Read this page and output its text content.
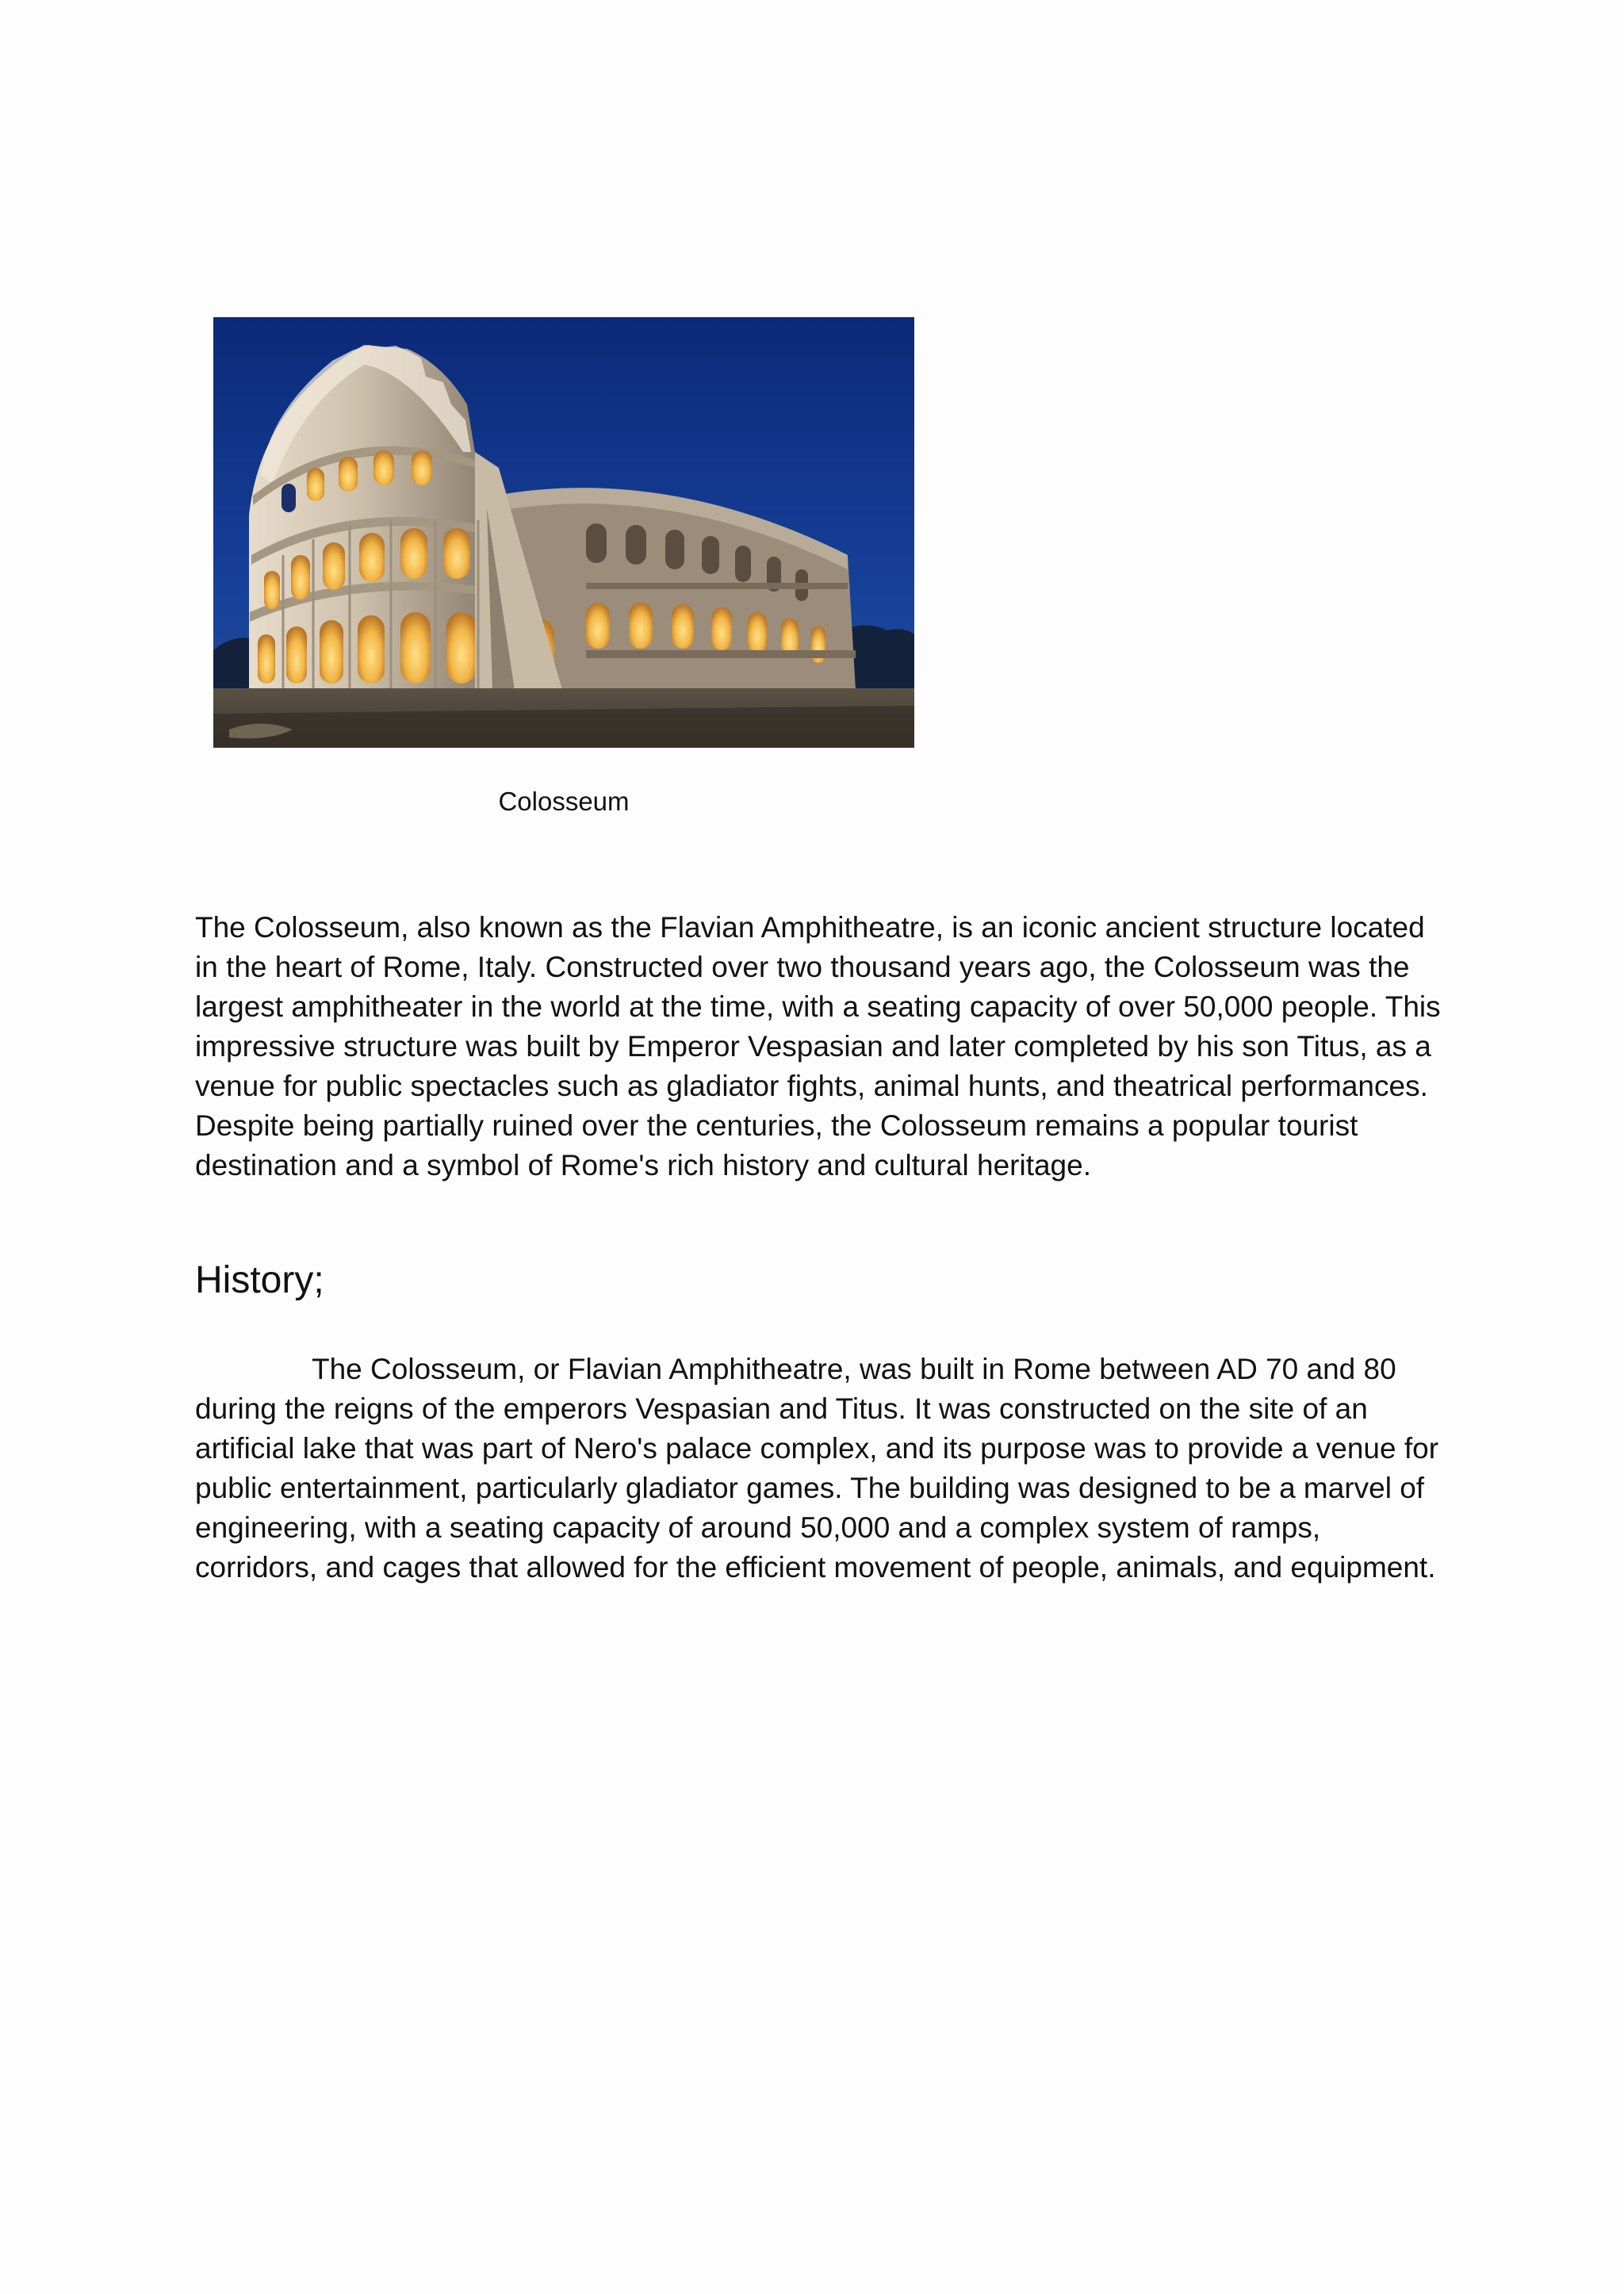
Colosseum

The Colosseum, also known as the Flavian Amphitheatre, is an iconic ancient structure located in the heart of Rome, Italy. Constructed over two thousand years ago, the Colosseum was the largest amphitheater in the world at the time, with a seating capacity of over 50,000 people. This impressive structure was built by Emperor Vespasian and later completed by his son Titus, as a venue for public spectacles such as gladiator fights, animal hunts, and theatrical performances. Despite being partially ruined over the centuries, the Colosseum remains a popular tourist destination and a symbol of Rome's rich history and cultural heritage.

History;

The Colosseum, or Flavian Amphitheatre, was built in Rome between AD 70 and 80 during the reigns of the emperors Vespasian and Titus. It was constructed on the site of an artificial lake that was part of Nero's palace complex, and its purpose was to provide a venue for public entertainment, particularly gladiator games. The building was designed to be a marvel of engineering, with a seating capacity of around 50,000 and a complex system of ramps, corridors, and cages that allowed for the efficient movement of people, animals, and equipment.
